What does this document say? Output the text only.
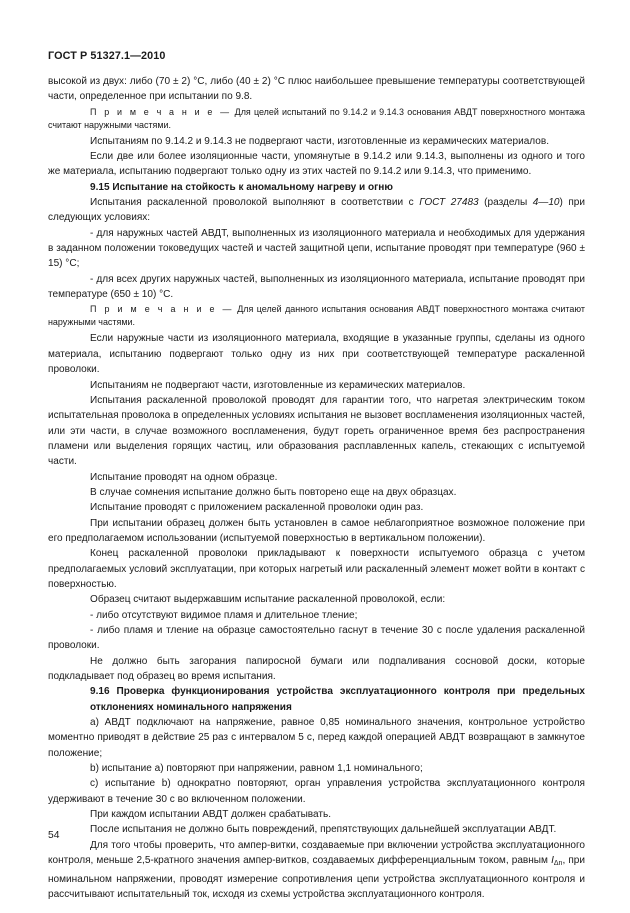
ГОСТ Р 51327.1—2010

высокой из двух: либо (70 ± 2) °С, либо (40 ± 2) °С плюс наибольшее превышение температуры соответствующей части, определенное при испытании по 9.8.

П р и м е ч а н и е — Для целей испытаний по 9.14.2 и 9.14.3 основания АВДТ поверхностного монтажа считают наружными частями.

Испытаниям по 9.14.2 и 9.14.3 не подвергают части, изготовленные из керамических материалов.

Если две или более изоляционные части, упомянутые в 9.14.2 или 9.14.3, выполнены из одного и того же материала, испытанию подвергают только одну из этих частей по 9.14.2 или 9.14.3, что применимо.

9.15 Испытание на стойкость к аномальному нагреву и огню

Испытания раскаленной проволокой выполняют в соответствии с ГОСТ 27483 (разделы 4—10) при следующих условиях:

- для наружных частей АВДТ, выполненных из изоляционного материала и необходимых для удержания в заданном положении токоведущих частей и частей защитной цепи, испытание проводят при температуре (960 ± 15) °С;

- для всех других наружных частей, выполненных из изоляционного материала, испытание проводят при температуре (650 ± 10) °С.

П р и м е ч а н и е — Для целей данного испытания основания АВДТ поверхностного монтажа считают наружными частями.

Если наружные части из изоляционного материала, входящие в указанные группы, сделаны из одного материала, испытанию подвергают только одну из них при соответствующей температуре раскаленной проволоки.

Испытаниям не подвергают части, изготовленные из керамических материалов.

Испытания раскаленной проволокой проводят для гарантии того, что нагретая электрическим током испытательная проволока в определенных условиях испытания не вызовет воспламенения изоляционных частей, или эти части, в случае возможного воспламенения, будут гореть ограниченное время без распространения пламени или выделения горящих частиц, или образования расплавленных капель, стекающих с испытуемой части.

Испытание проводят на одном образце.

В случае сомнения испытание должно быть повторено еще на двух образцах.

Испытание проводят с приложением раскаленной проволоки один раз.

При испытании образец должен быть установлен в самое неблагоприятное возможное положение при его предполагаемом использовании (испытуемой поверхностью в вертикальном положении).

Конец раскаленной проволоки прикладывают к поверхности испытуемого образца с учетом предполагаемых условий эксплуатации, при которых нагретый или раскаленный элемент может войти в контакт с поверхностью.

Образец считают выдержавшим испытание раскаленной проволокой, если:

- либо отсутствуют видимое пламя и длительное тление;

- либо пламя и тление на образце самостоятельно гаснут в течение 30 с после удаления раскаленной проволоки.

Не должно быть загорания папиросной бумаги или подпаливания сосновой доски, которые подкладывает под образец во время испытания.

9.16 Проверка функционирования устройства эксплуатационного контроля при предельных отклонениях номинального напряжения

a) АВДТ подключают на напряжение, равное 0,85 номинального значения, контрольное устройство моментно приводят в действие 25 раз с интервалом 5 с, перед каждой операцией АВДТ возвращают в замкнутое положение;

b) испытание a) повторяют при напряжении, равном 1,1 номинального;

c) испытание b) однократно повторяют, орган управления устройства эксплуатационного контроля удерживают в течение 30 с во включенном положении.

При каждом испытании АВДТ должен срабатывать.

После испытания не должно быть повреждений, препятствующих дальнейшей эксплуатации АВДТ.

Для того чтобы проверить, что ампер-витки, создаваемые при включении устройства эксплуатационного контроля, меньше 2,5-кратного значения ампер-витков, создаваемых дифференциальным током, равным $I_{\Delta n}$, при номинальном напряжении, проводят измерение сопротивления цепи устройства эксплуатационного контроля и рассчитывают испытательный ток, исходя из схемы устройства эксплуатационного контроля.

54
